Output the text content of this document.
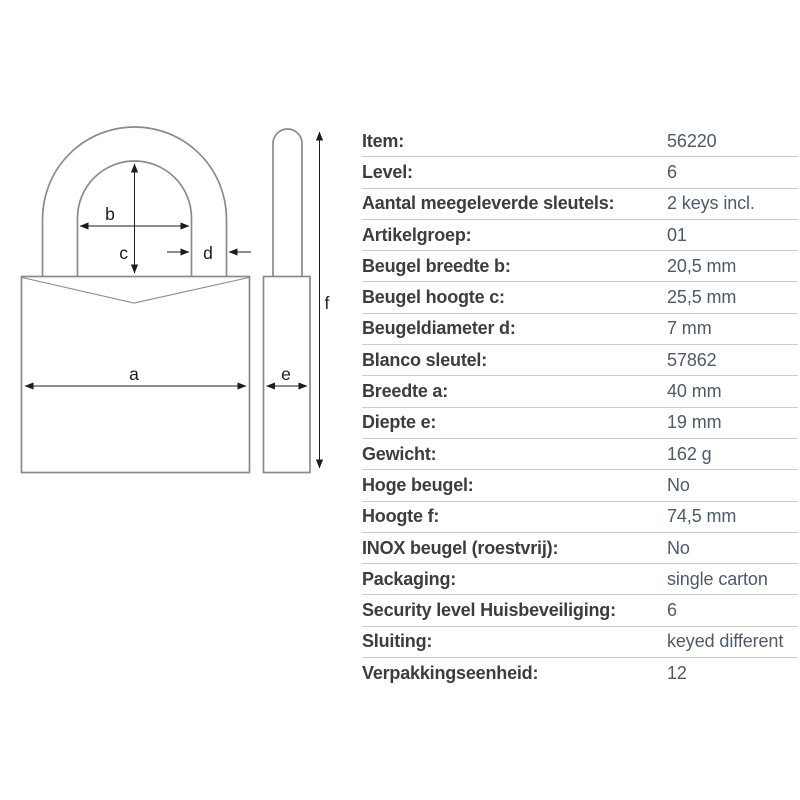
b
c	d
a	e
f
Item:	56220
Level:	6
Aantal meegeleverde sleutels:	2 keys incl.
Artikelgroep:	01
Beugel breedte b:	20,5 mm
Beugel hoogte c:	25,5 mm
Beugeldiameter d:	7 mm
Blanco sleutel:	57862
Breedte a:	40 mm
Diepte e:	19 mm
Gewicht:	162 g
Hoge beugel:	No
Hoogte f:	74,5 mm
INOX beugel (roestvrij):	No
Packaging:	single carton
Security level Huisbeveiliging:	6
Sluiting:	keyed different
Verpakkingseenheid:	12
